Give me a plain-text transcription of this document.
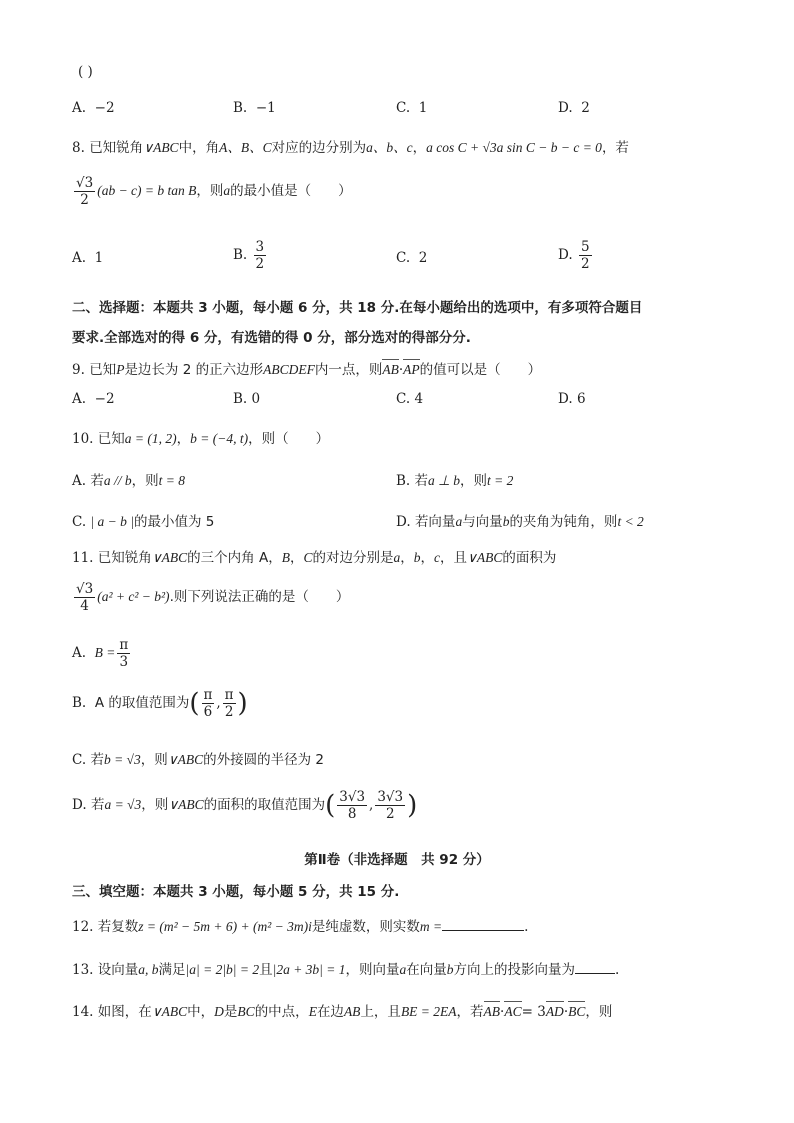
( )
A. −2	B. −1	C. 1	D. 2
8. 已知锐角∨ABC中，角A、B、C对应的边分别为a、b、c，a cos C + √3a sin C − b − c = 0，若
$\frac{√3}{2} (ab - c) = b$ tan B，则a的最小值是（　　）
A. 1	B. $\frac{3}{2}$	C. 2	D. $\frac{5}{2}$
二、选择题：本题共 3 小题，每小题 6 分，共 18 分.在每小题给出的选项中，有多项符合题目
要求.全部选对的得 6 分，有选错的得 0 分，部分选对的得部分分.
9. 已知P是边长为 2 的正六边形ABCDEF内一点，则AB·AP的值可以是（　　）
A. −2	B. 0	C. 4	D. 6
10. 已知a = (1, 2)，b = (−4, t)，则（　　）
A. 若a // b，则t = 8	B. 若a ⊥ b，则t = 2
C. | a − b |的最小值为 5	D. 若向量a与向量b的夹角为钝角，则t < 2
11. 已知锐角∨ABC的三个内角 A，B，C的对边分别是a，b，c，且∨ABC的面积为
$\frac{√3}{4} (a^2 + c^2 - b^2)$.则下列说法正确的是（　　）
A. $B = \frac{\pi}{3}$
B. A 的取值范围为( $\frac{\pi}{6}$ , $\frac{\pi}{2}$ )
C. 若b = √3，则∨ABC的外接圆的半径为 2
D. 若a = √3，则∨ABC的面积的取值范围为( $\frac{3√3}{8}$ , $\frac{3√3}{2}$ )
第Ⅱ卷（非选择题　共 92 分）
三、填空题：本题共 3 小题，每小题 5 分，共 15 分.
12. 若复数z = (m² − 5m + 6) + (m² − 3m)i是纯虚数，则实数m =	.
13. 设向量a, b满足|a| = 2|b| = 2且|2a + 3b| = 1，则向量a在向量b方向上的投影向量为	.
14. 如图，在∨ABC中，D是BC的中点，E在边AB上，且BE = 2EA，若AB·AC= 3AD·BC，则
